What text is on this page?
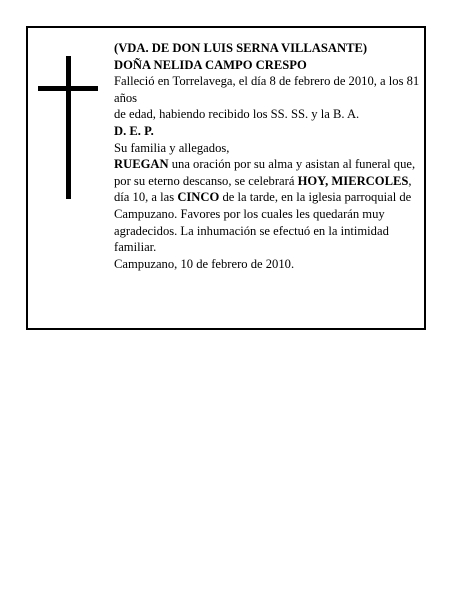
(VDA. DE DON LUIS SERNA VILLASANTE)

DOÑA NELIDA CAMPO CRESPO

Falleció en Torrelavega, el día 8 de febrero de 2010, a los 81 años

de edad, habiendo recibido los SS. SS. y la B. A.

D. E. P.

Su familia y allegados,

RUEGAN una oración por su alma y asistan al funeral que, por su eterno descanso, se celebrará HOY, MIERCOLES, día 10, a las CINCO de la tarde, en la iglesia parroquial de Campuzano. Favores por los cuales les quedarán muy agradecidos. La inhumación se efectuó en la intimidad familiar.

Campuzano, 10 de febrero de 2010.
